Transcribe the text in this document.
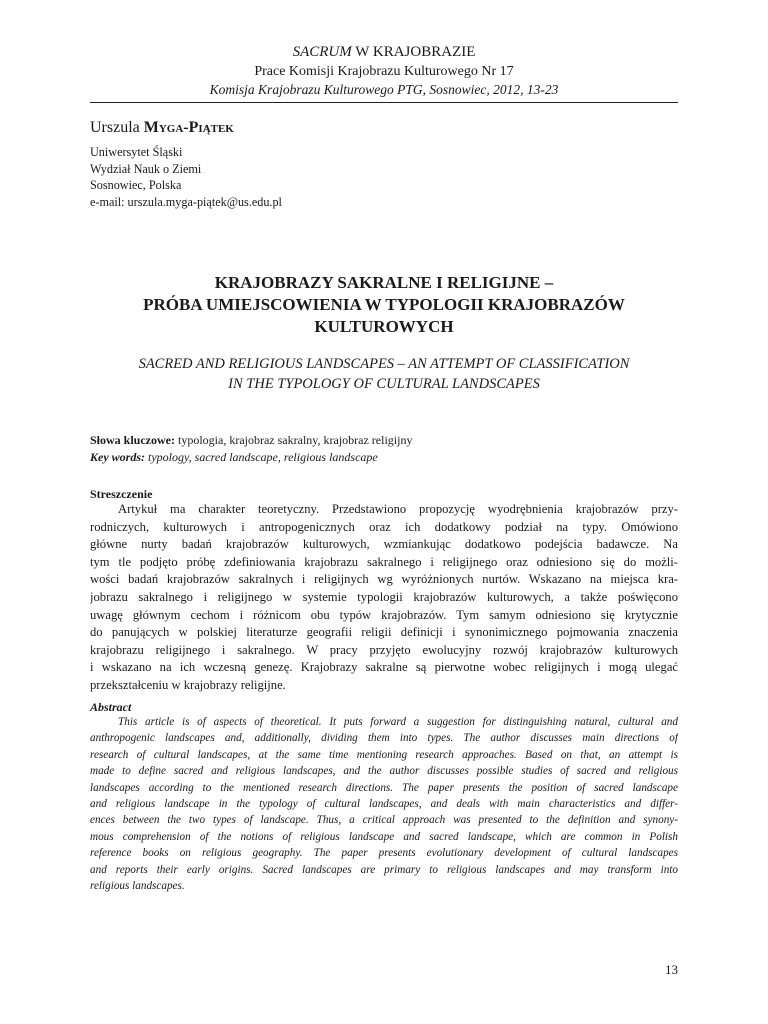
SACRUM W KRAJOBRAZIE
Prace Komisji Krajobrazu Kulturowego Nr 17
Komisja Krajobrazu Kulturowego PTG, Sosnowiec, 2012, 13-23
Urszula Myga-Piątek
Uniwersytet Śląski
Wydział Nauk o Ziemi
Sosnowiec, Polska
e-mail: urszula.myga-piątek@us.edu.pl
KRAJOBRAZY SAKRALNE I RELIGIJNE –
PRÓBA UMIEJSCOWIENIA W TYPOLOGII KRAJOBRAZÓW
KULTUROWYCH
SACRED AND RELIGIOUS LANDSCAPES – AN ATTEMPT OF CLASSIFICATION
IN THE TYPOLOGY OF CULTURAL LANDSCAPES
Słowa kluczowe: typologia, krajobraz sakralny, krajobraz religijny
Key words: typology, sacred landscape, religious landscape
Streszczenie
Artykuł ma charakter teoretyczny. Przedstawiono propozycję wyodrębnienia krajobrazów przy-
rodniczych, kulturowych i antropogenicznych oraz ich dodatkowy podział na typy. Omówiono
główne nurty badań krajobrazów kulturowych, wzmiankując dodatkowo podejścia badawcze. Na
tym tle podjęto próbę zdefiniowania krajobrazu sakralnego i religijnego oraz odniesiono się do możli-
wości badań krajobrazów sakralnych i religijnych wg wyróżnionych nurtów. Wskazano na miejsca kra-
jobrazu sakralnego i religijnego w systemie typologii krajobrazów kulturowych, a także poświęcono
uwagę głównym cechom i różnicom obu typów krajobrazów. Tym samym odniesiono się krytycznie
do panujących w polskiej literaturze geografii religii definicji i synonimicznego pojmowania znaczenia
krajobrazu religijnego i sakralnego. W pracy przyjęto ewolucyjny rozwój krajobrazów kulturowych
i wskazano na ich wczesną genezę. Krajobrazy sakralne są pierwotne wobec religijnych i mogą ulegać
przekształceniu w krajobrazy religijne.
Abstract
This article is of aspects of theoretical. It puts forward a suggestion for distinguishing natural, cultural and
anthropogenic landscapes and, additionally, dividing them into types. The author discusses main directions of
research of cultural landscapes, at the same time mentioning research approaches. Based on that, an attempt is
made to define sacred and religious landscapes, and the author discusses possible studies of sacred and religious
landscapes according to the mentioned research directions. The paper presents the position of sacred landscape
and religious landscape in the typology of cultural landscapes, and deals with main characteristics and differ-
ences between the two types of landscape. Thus, a critical approach was presented to the definition and synony-
mous comprehension of the notions of religious landscape and sacred landscape, which are common in Polish
reference books on religious geography. The paper presents evolutionary development of cultural landscapes
and reports their early origins. Sacred landscapes are primary to religious landscapes and may transform into
religious landscapes.
13
